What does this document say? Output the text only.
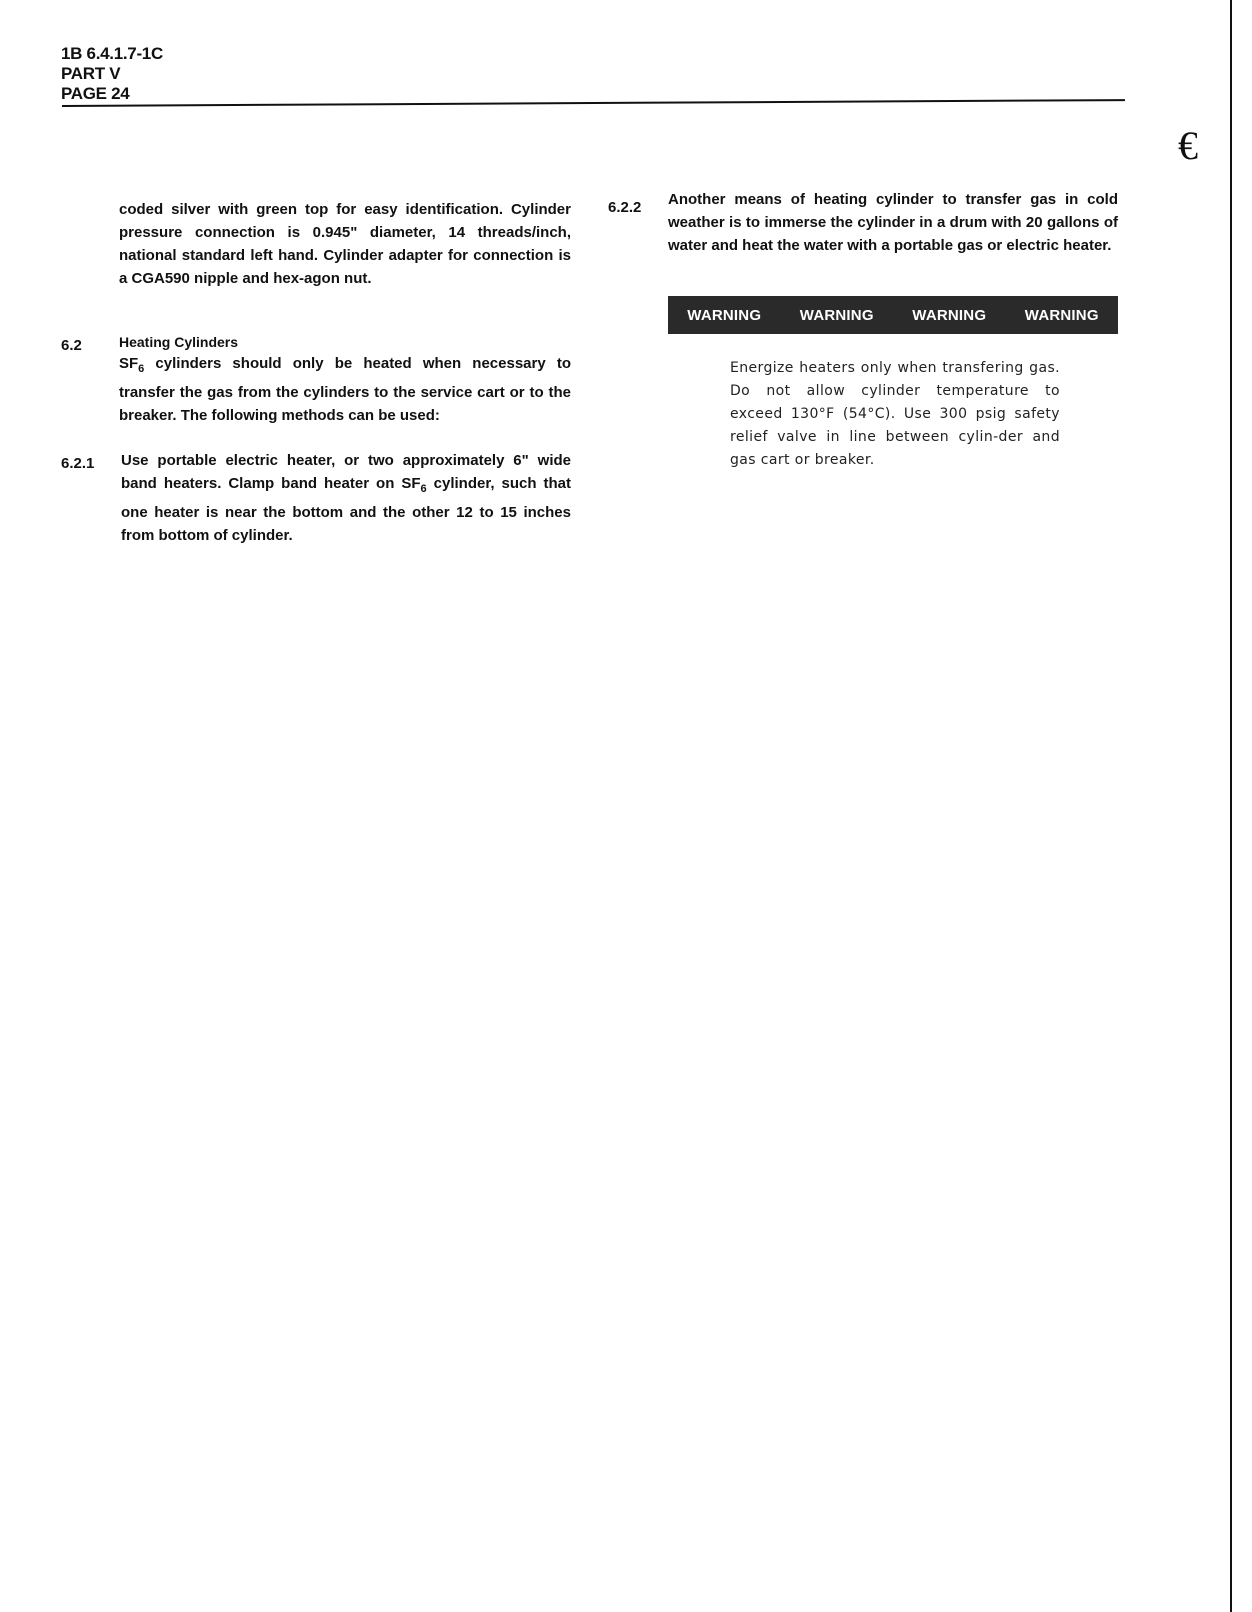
1B 6.4.1.7-1C
PART V
PAGE 24
€
coded silver with green top for easy identification. Cylinder pressure connection is 0.945" diameter, 14 threads/inch, national standard left hand. Cylinder adapter for connection is a CGA590 nipple and hex-agon nut.
6.2	Heating Cylinders
$SF_6$ cylinders should only be heated when necessary to transfer the gas from the cylinders to the service cart or to the breaker. The following methods can be used:
6.2.1 Use portable electric heater, or two approximately 6" wide band heaters. Clamp band heater on $SF_6$ cylinder, such that one heater is near the bottom and the other 12 to 15 inches from bottom of cylinder.
6.2.2 Another means of heating cylinder to transfer gas in cold weather is to immerse the cylinder in a drum with 20 gallons of water and heat the water with a portable gas or electric heater.
WARNING	WARNING	WARNING	WARNING
Energize heaters only when transfering gas. Do not allow cylinder temperature to exceed 130°F (54°C). Use 300 psig safety relief valve in line between cylin-der and gas cart or breaker.
